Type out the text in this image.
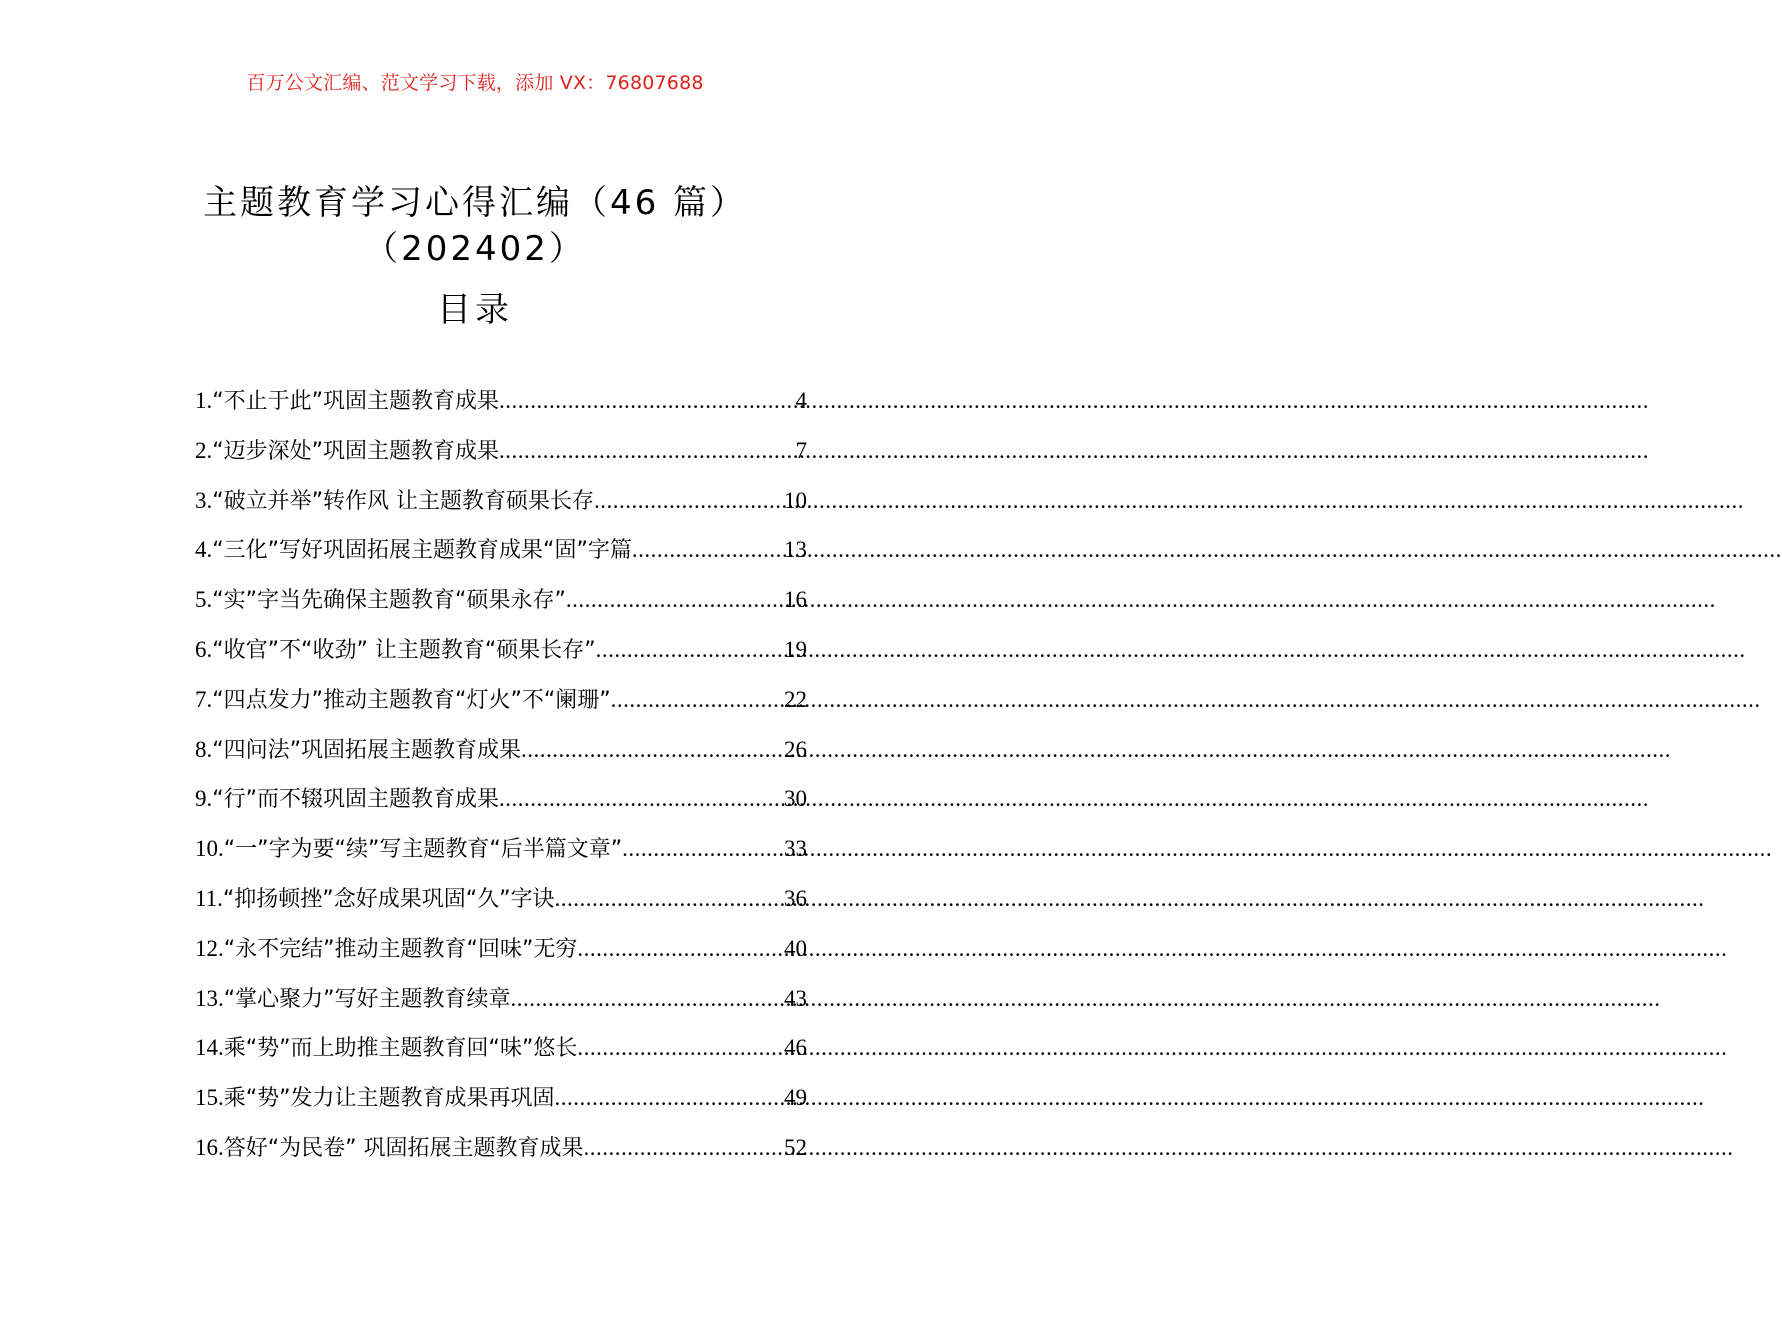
百万公文汇编、范文学习下载，添加 VX：76807688
主题教育学习心得汇编（46 篇）（202402）
目录
1. “不止于此”巩固主题教育成果 .....	4
2. “迈步深处”巩固主题教育成果 .....	7
3. “破立并举”转作风 让主题教育硕果长存 .....	10
4. “三化”写好巩固拓展主题教育成果“固”字篇 .....	13
5. “实”字当先确保主题教育“硕果永存” .....	16
6. “收官”不“收劲” 让主题教育“硕果长存” .....	19
7. “四点发力”推动主题教育“灯火”不“阑珊” .....	22
8. “四问法”巩固拓展主题教育成果 .....	26
9. “行”而不辍巩固主题教育成果 .....	30
10. “一”字为要“续”写主题教育“后半篇文章” .....	33
11. “抑扬顿挫”念好成果巩固“久”字诀 .....	36
12. “永不完结”推动主题教育“回味”无穷 .....	40
13. “掌心聚力”写好主题教育续章 .....	43
14. 乘“势”而上助推主题教育回“味”悠长 .....	46
15. 乘“势”发力让主题教育成果再巩固 .....	49
16. 答好“为民卷” 巩固拓展主题教育成果 .....	52
